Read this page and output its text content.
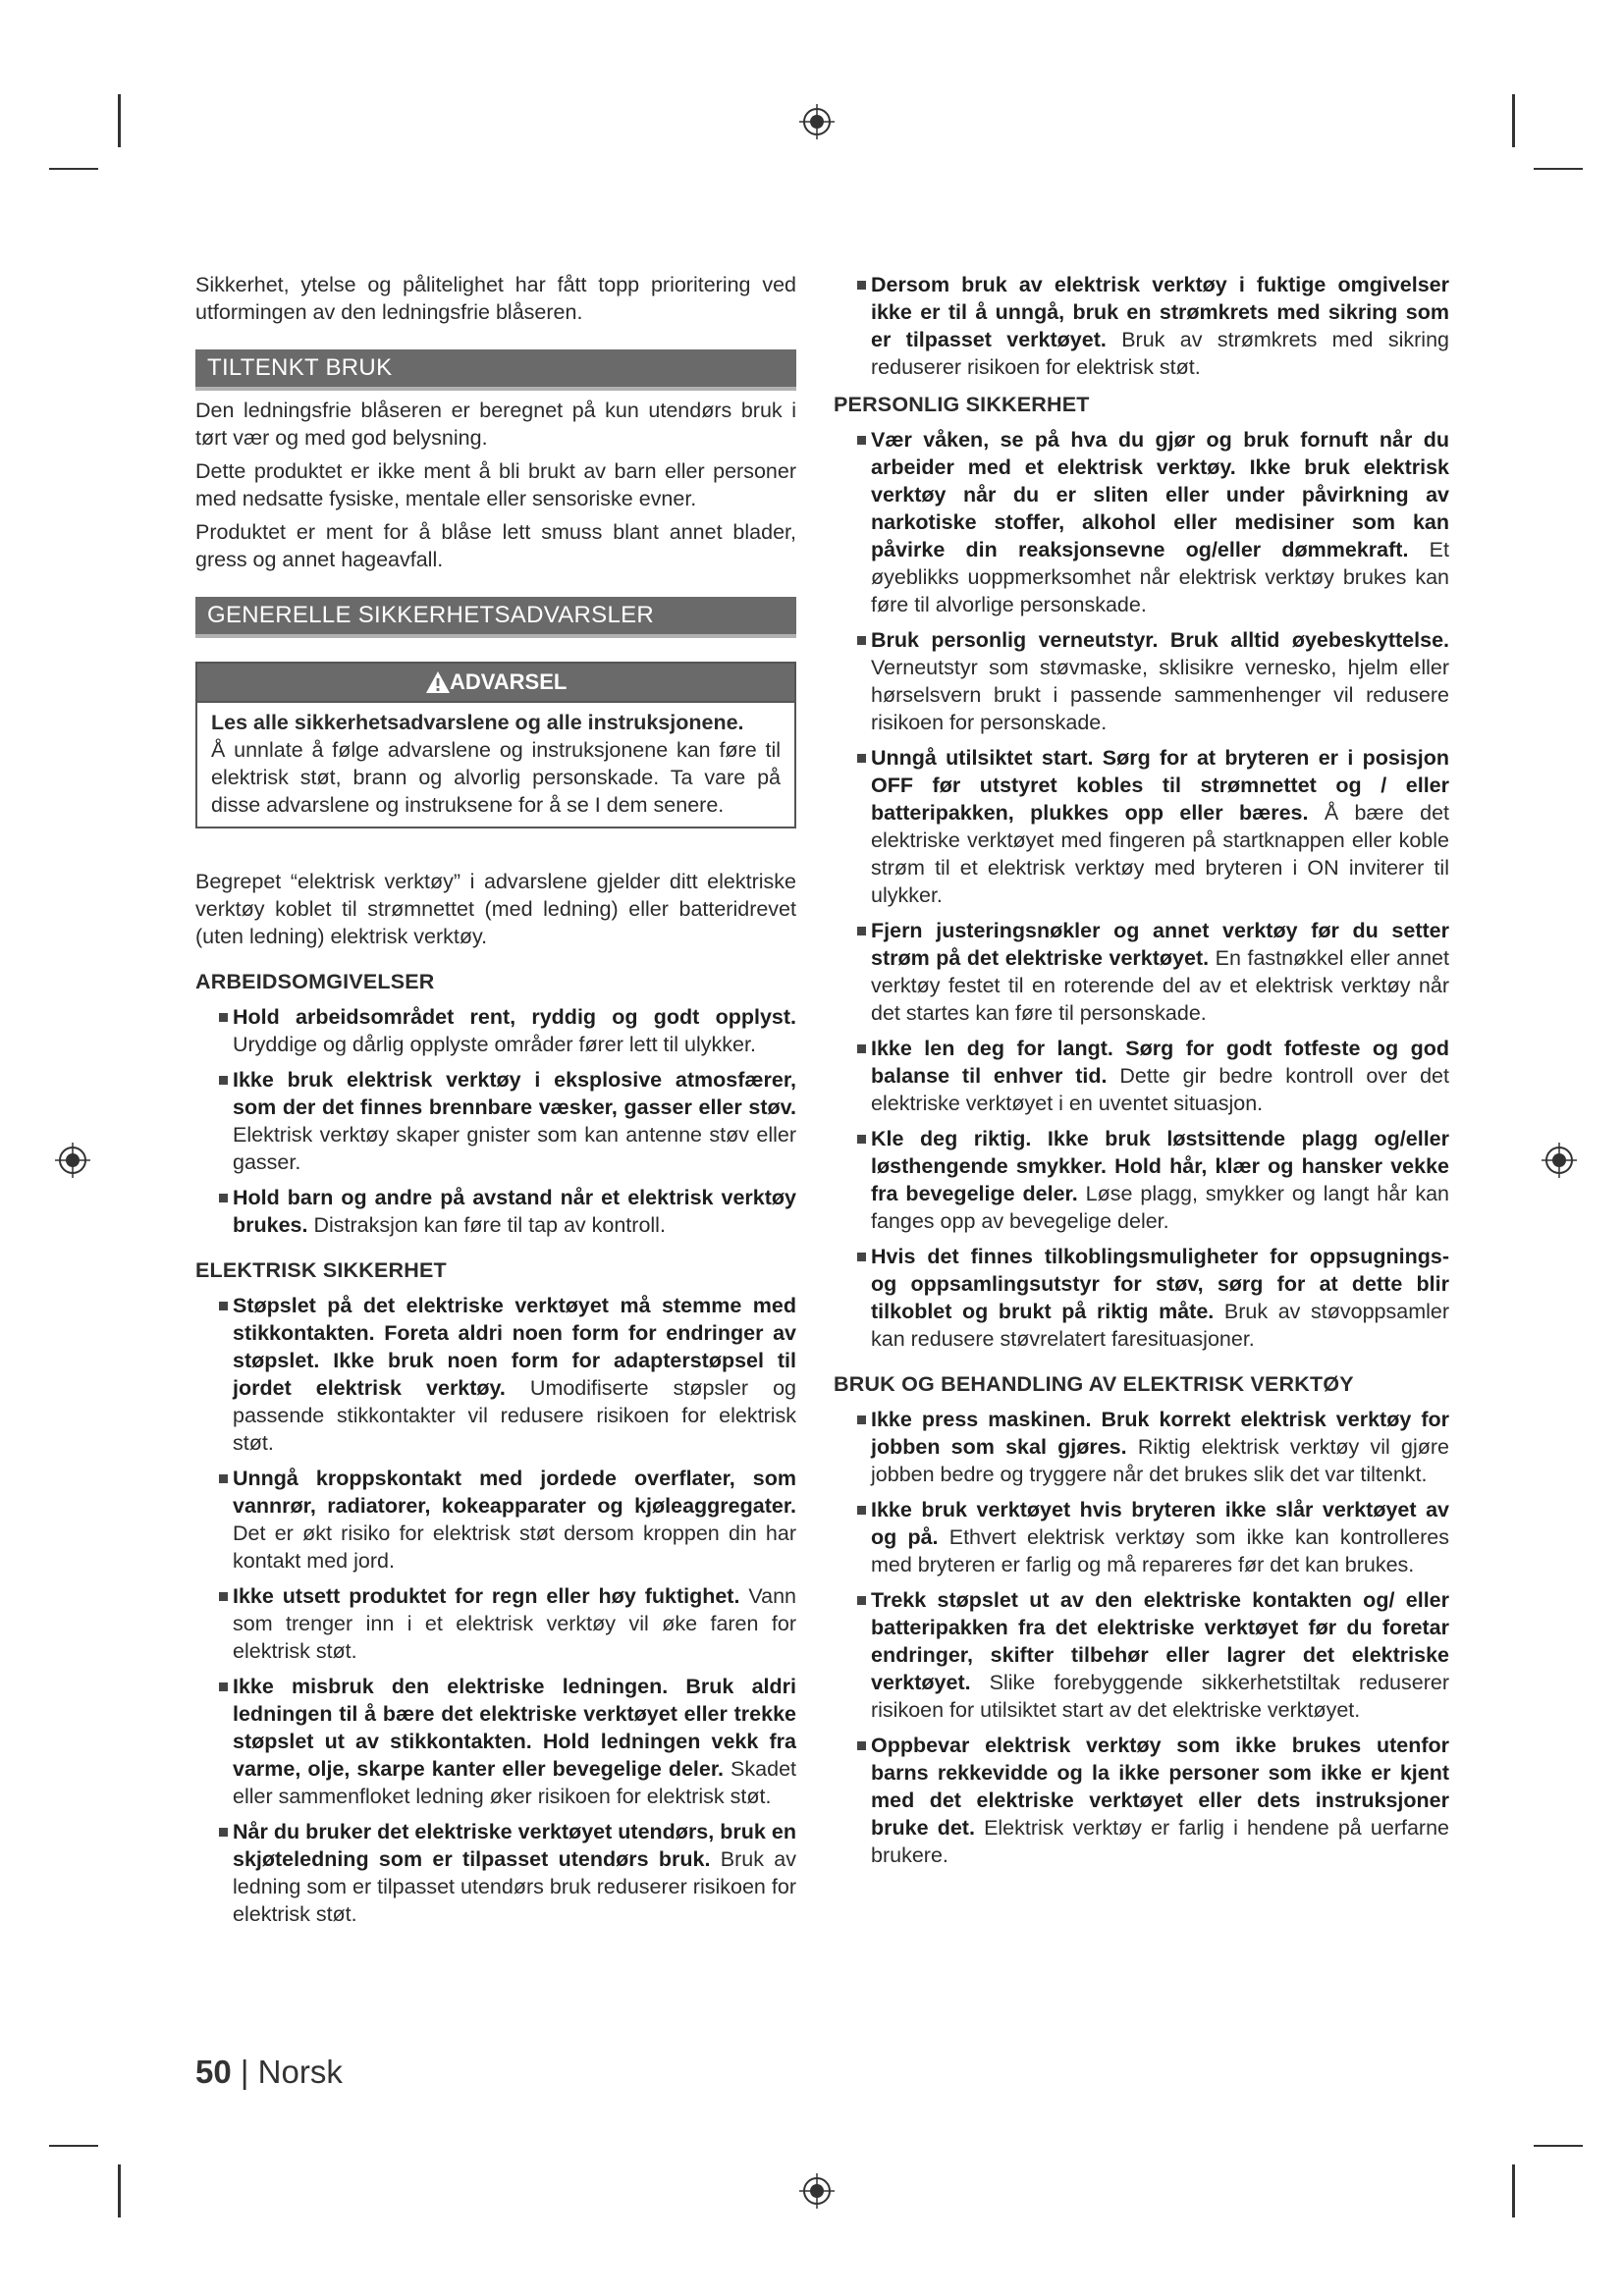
Sikkerhet, ytelse og pålitelighet har fått topp prioritering ved utformingen av den ledningsfrie blåseren.

TILTENKT BRUK

Den ledningsfrie blåseren er beregnet på kun utendørs bruk i tørt vær og med god belysning.

Dette produktet er ikke ment å bli brukt av barn eller personer med nedsatte fysiske, mentale eller sensoriske evner.

Produktet er ment for å blåse lett smuss blant annet blader, gress og annet hageavfall.

GENERELLE SIKKERHETSADVARSLER
ADVARSEL

Les alle sikkerhetsadvarslene og alle instruksjonene.

Å unnlate å følge advarslene og instruksjonene kan føre til elektrisk støt, brann og alvorlig personskade. Ta vare på disse advarslene og instruksene for å se I dem senere.

Begrepet “elektrisk verktøy” i advarslene gjelder ditt elektriske verktøy koblet til strømnettet (med ledning) eller batteridrevet (uten ledning) elektrisk verktøy.

ARBEIDSOMGIVELSER
Hold arbeidsområdet rent, ryddig og godt opplyst. Uryddige og dårlig opplyste områder fører lett til ulykker.
Ikke bruk elektrisk verktøy i eksplosive atmosfærer, som der det finnes brennbare væsker, gasser eller støv. Elektrisk verktøy skaper gnister som kan antenne støv eller gasser.
Hold barn og andre på avstand når et elektrisk verktøy brukes. Distraksjon kan føre til tap av kontroll.
ELEKTRISK SIKKERHET
Støpslet på det elektriske verktøyet må stemme med stikkontakten. Foreta aldri noen form for endringer av støpslet. Ikke bruk noen form for adapterstøpsel til jordet elektrisk verktøy. Umodifiserte støpsler og passende stikkontakter vil redusere risikoen for elektrisk støt.
Unngå kroppskontakt med jordede overflater, som vannrør, radiatorer, kokeapparater og kjøleaggregater. Det er økt risiko for elektrisk støt dersom kroppen din har kontakt med jord.
Ikke utsett produktet for regn eller høy fuktighet. Vann som trenger inn i et elektrisk verktøy vil øke faren for elektrisk støt.
Ikke misbruk den elektriske ledningen. Bruk aldri ledningen til å bære det elektriske verktøyet eller trekke støpslet ut av stikkontakten. Hold ledningen vekk fra varme, olje, skarpe kanter eller bevegelige deler. Skadet eller sammenfloket ledning øker risikoen for elektrisk støt.
Når du bruker det elektriske verktøyet utendørs, bruk en skjøteledning som er tilpasset utendørs bruk. Bruk av ledning som er tilpasset utendørs bruk reduserer risikoen for elektrisk støt.
Dersom bruk av elektrisk verktøy i fuktige omgivelser ikke er til å unngå, bruk en strømkrets med sikring som er tilpasset verktøyet. Bruk av strømkrets med sikring reduserer risikoen for elektrisk støt.
PERSONLIG SIKKERHET
Vær våken, se på hva du gjør og bruk fornuft når du arbeider med et elektrisk verktøy. Ikke bruk elektrisk verktøy når du er sliten eller under påvirkning av narkotiske stoffer, alkohol eller medisiner som kan påvirke din reaksjonsevne og/eller dømmekraft. Et øyeblikks uoppmerksomhet når elektrisk verktøy brukes kan føre til alvorlige personskade.
Bruk personlig verneutstyr. Bruk alltid øyebeskyttelse. Verneutstyr som støvmaske, sklisikre vernesko, hjelm eller hørselsvern brukt i passende sammenhenger vil redusere risikoen for personskade.
Unngå utilsiktet start. Sørg for at bryteren er i posisjon OFF før utstyret kobles til strømnettet og / eller batteripakken, plukkes opp eller bæres. Å bære det elektriske verktøyet med fingeren på startknappen eller koble strøm til et elektrisk verktøy med bryteren i ON inviterer til ulykker.
Fjern justeringsnøkler og annet verktøy før du setter strøm på det elektriske verktøyet. En fastnøkkel eller annet verktøy festet til en roterende del av et elektrisk verktøy når det startes kan føre til personskade.
Ikke len deg for langt. Sørg for godt fotfeste og god balanse til enhver tid. Dette gir bedre kontroll over det elektriske verktøyet i en uventet situasjon.
Kle deg riktig. Ikke bruk løstsittende plagg og/eller løsthengende smykker. Hold hår, klær og hansker vekke fra bevegelige deler. Løse plagg, smykker og langt hår kan fanges opp av bevegelige deler.
Hvis det finnes tilkoblingsmuligheter for oppsugnings- og oppsamlingsutstyr for støv, sørg for at dette blir tilkoblet og brukt på riktig måte. Bruk av støvoppsamler kan redusere støvrelatert faresituasjoner.
BRUK OG BEHANDLING AV ELEKTRISK VERKTØY
Ikke press maskinen. Bruk korrekt elektrisk verktøy for jobben som skal gjøres. Riktig elektrisk verktøy vil gjøre jobben bedre og tryggere når det brukes slik det var tiltenkt.
Ikke bruk verktøyet hvis bryteren ikke slår verktøyet av og på. Ethvert elektrisk verktøy som ikke kan kontrolleres med bryteren er farlig og må repareres før det kan brukes.
Trekk støpslet ut av den elektriske kontakten og/ eller batteripakken fra det elektriske verktøyet før du foretar endringer, skifter tilbehør eller lagrer det elektriske verktøyet. Slike forebyggende sikkerhetstiltak reduserer risikoen for utilsiktet start av det elektriske verktøyet.
Oppbevar elektrisk verktøy som ikke brukes utenfor barns rekkevidde og la ikke personer som ikke er kjent med det elektriske verktøyet eller dets instruksjoner bruke det. Elektrisk verktøy er farlig i hendene på uerfarne brukere.
50 | Norsk
